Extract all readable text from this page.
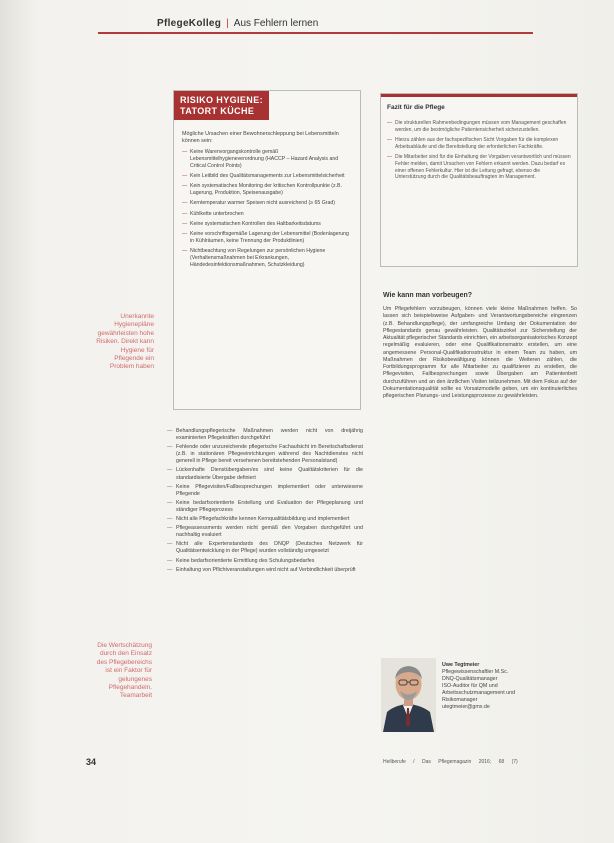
PflegeKolleg | Aus Fehlern lernen
RISIKO HYGIENE:
TATORT KÜCHE
Mögliche Ursachen einer Bewohnerschleppung bei Lebensmitteln können sein:
— Keine Warenvorgangskontrolle gemäß Lebensmittelhygieneverordnung (HACCP – Hazard Analysis and Critical Control Points)
— Kein Leitbild des Qualitätsmanagements zur Lebensmittelsicherheit
— Kein systematisches Monitoring der kritischen Kontrollpunkte (z.B. Lagerung, Produktion, Speisenausgabe)
— Kerntemperatur warmer Speisen nicht ausreichend (≥ 65 Grad)
— Kühlkette unterbrochen
— Keine systematischen Kontrollen des Haltbarkeitsdatums
— Keine vorschriftsgemäße Lagerung der Lebensmittel (Bodenlagerung in Kühlräumen, keine Trennung der Produktlinien)
— Nichtbeachtung von Regelungen zur persönlichen Hygiene (Verhaltensmaßnahmen bei Erkrankungen, Händedesinfektionsmaßnahmen, Schutzkleidung)
Unerkannte Hygienepläne gewährleisten hohe Risiken. Direkt kann Hygiene für Pflegende ein Problem haben
Die Wertschätzung durch den Einsatz des Pflegebereichs ist ein Faktor für gelungenes Pflegehandeln. Teamarbeit
— Behandlungspflegerische Maßnahmen werden nicht von dreijährig examinierten Pflegekräften durchgeführt
— Fehlende oder unzureichende pflegerische Fachaufsicht im Bereitschaftsdienst (z.B. in stationären Pflegeeinrichtungen während des Nachtdienstes nicht generell in Pflege bereit versehenen bereitstehenden Personalstand)
— Lückenhafte Dienstübergaben/es sind keine Qualitätskriterien für die standardisierte Übergabe definiert
— Keine Pflegevisiten/Fallbesprechungen implementiert oder unterwiesene Pflegende
— Keine bedarfsorientierte Erstellung und Evaluation der Pflegeplanung und ständiger Pflegeprozess
— Nicht alle Pflegefachkräfte kennen Kernqualitätsbildung und implementiert
— Pflegeassessments werden nicht gemäß den Vorgaben durchgeführt und nachhaltig evaluiert
— Nicht alle Expertenstandards des DNQP (Deutsches Netzwerk für Qualitätsentwicklung in der Pflege) wurden vollständig umgesetzt
— Keine bedarfsorientierte Ermittlung des Schulungsbedarfes
— Einhaltung von Pflichtveranstaltungen wird nicht auf Verbindlichkeit überprüft
Fazit für die Pflege
— Die strukturellen Rahmenbedingungen müssen vom Management geschaffen werden, um die bestmögliche Patientensicherheit sicherzustellen.
— Hierzu zählen aus der fachspezifischen Sicht Vorgaben für die komplexen Arbeitsabläufe und die Bereitstellung der erforderlichen Fachkräfte.
— Die Mitarbeiter sind für die Einhaltung der Vorgaben verantwortlich und müssen Fehler melden, damit Ursachen von Fehlern erkannt werden. Dazu bedarf es einer offenen Fehlerkultur. Hier ist die Leitung gefragt, ebenso die Unterstützung durch die Qualitätsbeauftragten im Management.
Wie kann man vorbeugen?
Um Pflegefehlern vorzubeugen, können viele kleine Maßnahmen helfen. So lassen sich beispielsweise Aufgaben- und Verantwortungsbereiche eingrenzen (z.B. Behandlungspflege), der umfangreiche Umfang der Dokumentation der Pflegestandards genau gewährleisten. Qualitätszirkel zur Sicherstellung der Aktualität pflegerischer Standards einrichten, ein arbeitsorganisatorisches Konzept regelmäßig evaluieren, oder eine Qualifikationsmatrix erstellen, um eine angemessene Personal-Qualifikationsstruktur in einem Team zu haben, um Maßnahmen der Risikobewältigung können die Weiteren zählen, die Fortbildungsprogramm für alle Mitarbeiter zu qualifizieren zu erstellen, die Pflegevisiten, Fallbesprechungen sowie Übergaben am Patientenbett durchzuführen und an den ärztlichen Visiten teilzunehmen. Mit dem Fokus auf der Dokumentationsqualität sollte es Vorsatzmodelle geben, um ein kontinuierliches pflegerischen Planungs- und Leistungsprozesse zu gewährleisten.
Uwe Tegtmeier
Pflegewissenschaftler M.Sc.
DNQ-Qualitätsmanager
ISO-Auditor für QM und
Arbeitsschutzmanagement und
Risikomanager
utegtmeier@gmx.de
34	Heilberufe / Das Pflegemagazin 2016; 68 (7)
